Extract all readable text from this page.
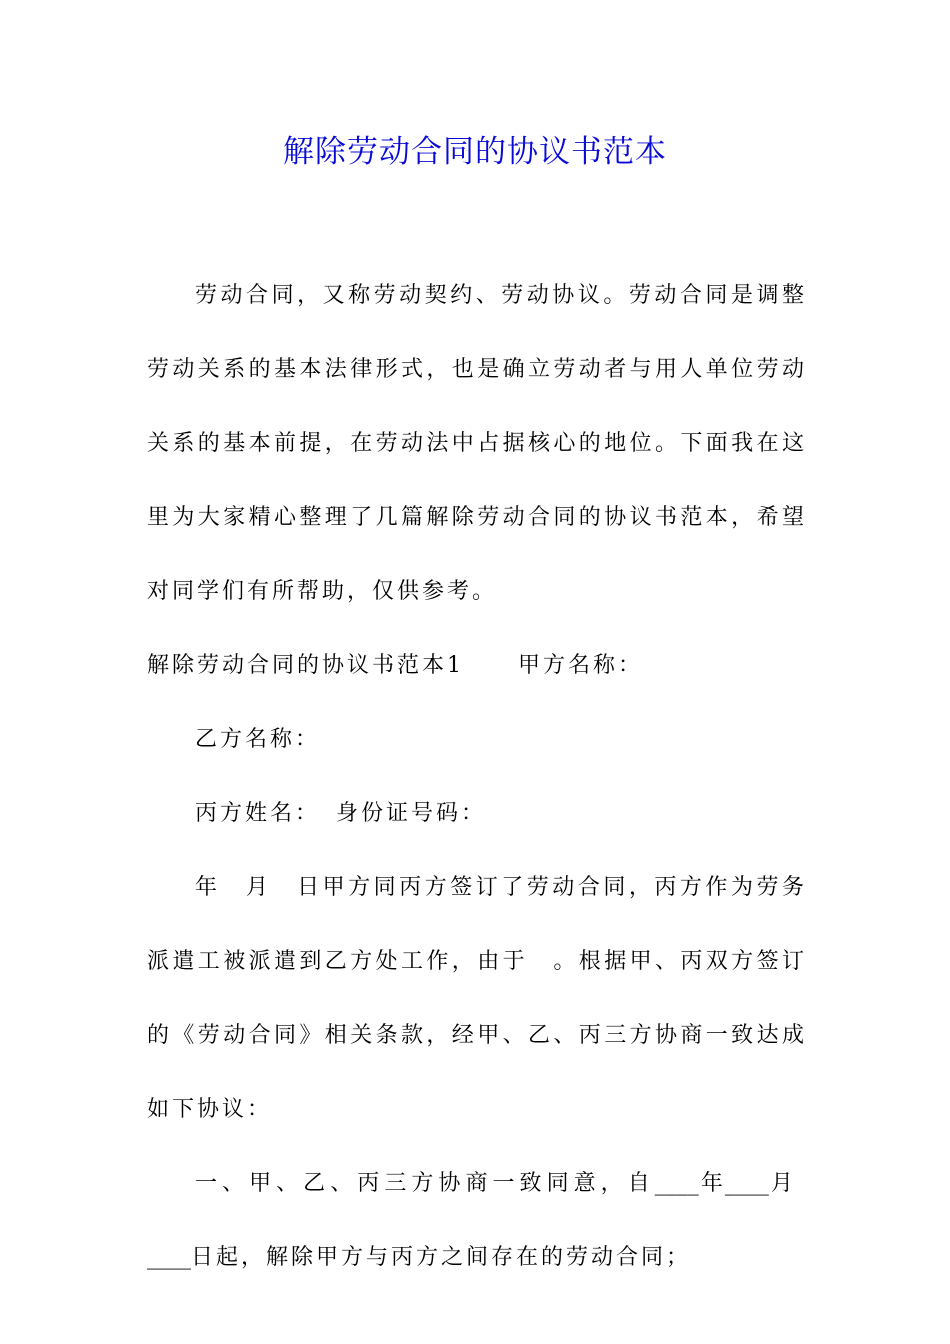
解除劳动合同的协议书范本

劳动合同，又称劳动契约、劳动协议。劳动合同是调整劳动关系的基本法律形式，也是确立劳动者与用人单位劳动关系的基本前提，在劳动法中占据核心的地位。下面我在这里为大家精心整理了几篇解除劳动合同的协议书范本，希望对同学们有所帮助，仅供参考。

解除劳动合同的协议书范本1 甲方名称：

乙方名称：

丙方姓名： 身份证号码：

年　月　日甲方同丙方签订了劳动合同，丙方作为劳务派遣工被派遣到乙方处工作，由于　。根据甲、丙双方签订的《劳动合同》相关条款，经甲、乙、丙三方协商一致达成如下协议：

一、甲、乙、丙三方协商一致同意，自____年____月____日起，解除甲方与丙方之间存在的劳动合同；
